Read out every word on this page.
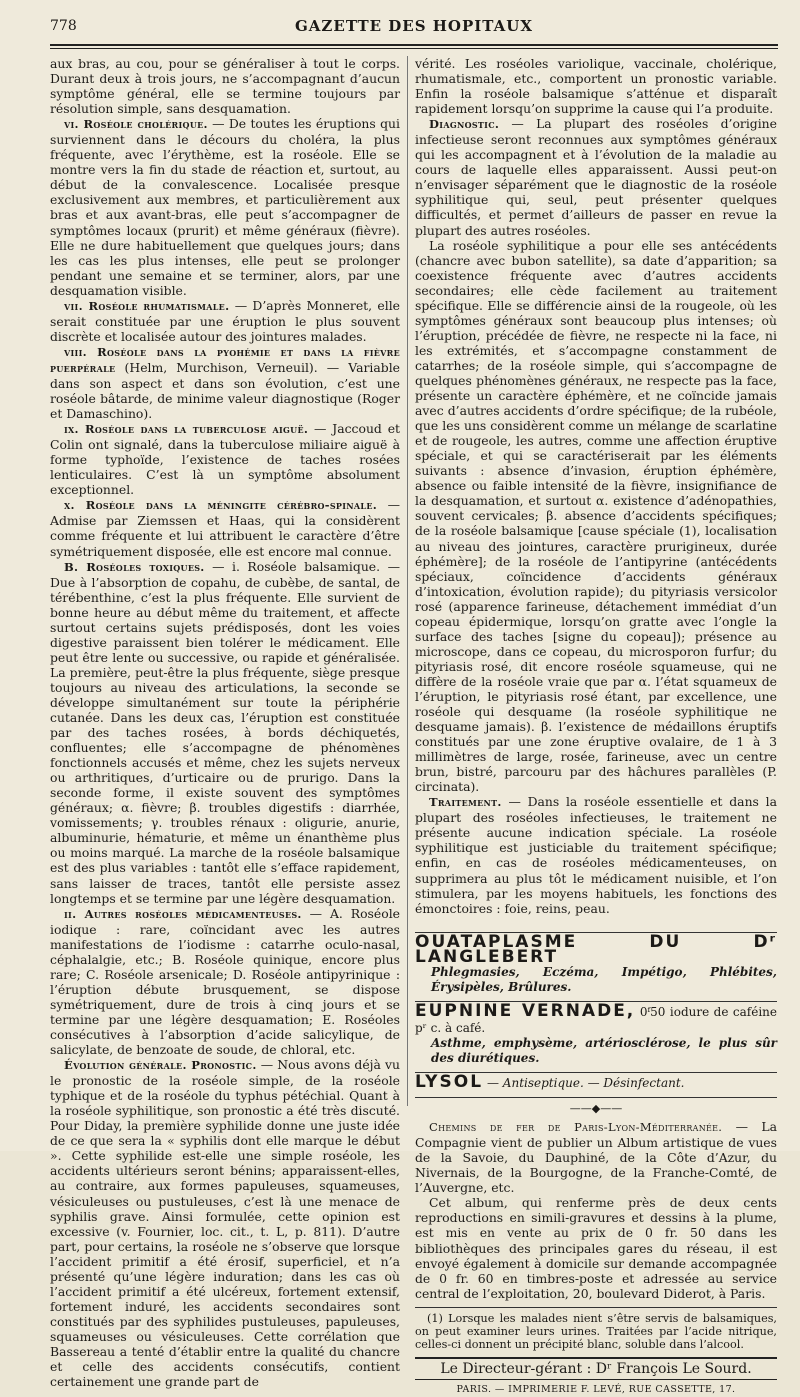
778	GAZETTE DES HOPITAUX

aux bras, au cou, pour se généraliser à tout le corps. Durant deux à trois jours, ne s’accompagnant d’aucun symptôme général, elle se termine toujours par résolution simple, sans desquamation.

vi. Roséole cholérique. — De toutes les éruptions qui surviennent dans le décours du choléra, la plus fréquente, avec l’érythème, est la roséole. Elle se montre vers la fin du stade de réaction et, surtout, au début de la convalescence. Localisée presque exclusivement aux membres, et particulièrement aux bras et aux avant-bras, elle peut s’accompagner de symptômes locaux (prurit) et même généraux (fièvre). Elle ne dure habituellement que quelques jours; dans les cas les plus intenses, elle peut se prolonger pendant une semaine et se terminer, alors, par une desquamation visible.

vii. Roséole rhumatismale. — D’après Monneret, elle serait constituée par une éruption le plus souvent discrète et localisée autour des jointures malades.

viii. Roséole dans la pyohémie et dans la fièvre puerpérale (Helm, Murchison, Verneuil). — Variable dans son aspect et dans son évolution, c’est une roséole bâtarde, de minime valeur diagnostique (Roger et Damaschino).

ix. Roséole dans la tuberculose aiguë. — Jaccoud et Colin ont signalé, dans la tuberculose miliaire aiguë à forme typhoïde, l’existence de taches rosées lenticulaires. C’est là un symptôme absolument exceptionnel.

x. Roséole dans la méningite cérébro-spinale. — Admise par Ziemssen et Haas, qui la considèrent comme fréquente et lui attribuent le caractère d’être symétriquement disposée, elle est encore mal connue.

B. Roséoles toxiques. — i. Roséole balsamique. — Due à l’absorption de copahu, de cubèbe, de santal, de térébenthine, c’est la plus fréquente. Elle survient de bonne heure au début même du traitement, et affecte surtout certains sujets prédisposés, dont les voies digestive paraissent bien tolérer le médicament. Elle peut être lente ou successive, ou rapide et généralisée. La première, peut-être la plus fréquente, siège presque toujours au niveau des articulations, la seconde se développe simultanément sur toute la périphérie cutanée. Dans les deux cas, l’éruption est constituée par des taches rosées, à bords déchiquetés, confluentes; elle s’accompagne de phénomènes fonctionnels accusés et même, chez les sujets nerveux ou arthritiques, d’urticaire ou de prurigo. Dans la seconde forme, il existe souvent des symptômes généraux; α. fièvre; β. troubles digestifs : diarrhée, vomissements; γ. troubles rénaux : oligurie, anurie, albuminurie, hématurie, et même un énanthème plus ou moins marqué. La marche de la roséole balsamique est des plus variables : tantôt elle s’efface rapidement, sans laisser de traces, tantôt elle persiste assez longtemps et se termine par une légère desquamation.

ii. Autres roséoles médicamenteuses. — A. Roséole iodique : rare, coïncidant avec les autres manifestations de l’iodisme : catarrhe oculo-nasal, céphalalgie, etc.; B. Roséole quinique, encore plus rare; C. Roséole arsenicale; D. Roséole antipyrinique : l’éruption débute brusquement, se dispose symétriquement, dure de trois à cinq jours et se termine par une légère desquamation; E. Roséoles consécutives à l’absorption d’acide salicylique, de salicylate, de benzoate de soude, de chloral, etc.

Évolution générale. Pronostic. — Nous avons déjà vu le pronostic de la roséole simple, de la roséole typhique et de la roséole du typhus pétéchial. Quant à la roséole syphilitique, son pronostic a été très discuté. Pour Diday, la première syphilide donne une juste idée de ce que sera la « syphilis dont elle marque le début ». Cette syphilide est-elle une simple roséole, les accidents ultérieurs seront bénins; apparaissent-elles, au contraire, aux formes papuleuses, squameuses, vésiculeuses ou pustuleuses, c’est là une menace de syphilis grave. Ainsi formulée, cette opinion est excessive (v. Fournier, loc. cit., t. L, p. 811). D’autre part, pour certains, la roséole ne s’observe que lorsque l’accident primitif a été érosif, superficiel, et n’a présenté qu’une légère induration; dans les cas où l’accident primitif a été ulcéreux, fortement extensif, fortement induré, les accidents secondaires sont constitués par des syphilides pustuleuses, papuleuses, squameuses ou vésiculeuses. Cette corrélation que Bassereau a tenté d’établir entre la qualité du chancre et celle des accidents consécutifs, contient certainement une grande part de

vérité. Les roséoles variolique, vaccinale, cholérique, rhumatismale, etc., comportent un pronostic variable. Enfin la roséole balsamique s’atténue et disparaît rapidement lorsqu’on supprime la cause qui l’a produite.

Diagnostic. — La plupart des roséoles d’origine infectieuse seront reconnues aux symptômes généraux qui les accompagnent et à l’évolution de la maladie au cours de laquelle elles apparaissent. Aussi peut-on n’envisager séparément que le diagnostic de la roséole syphilitique qui, seul, peut présenter quelques difficultés, et permet d’ailleurs de passer en revue la plupart des autres roséoles.

La roséole syphilitique a pour elle ses antécédents (chancre avec bubon satellite), sa date d’apparition; sa coexistence fréquente avec d’autres accidents secondaires; elle cède facilement au traitement spécifique. Elle se différencie ainsi de la rougeole, où les symptômes généraux sont beaucoup plus intenses; où l’éruption, précédée de fièvre, ne respecte ni la face, ni les extrémités, et s’accompagne constamment de catarrhes; de la roséole simple, qui s’accompagne de quelques phénomènes généraux, ne respecte pas la face, présente un caractère éphémère, et ne coïncide jamais avec d’autres accidents d’ordre spécifique; de la rubéole, que les uns considèrent comme un mélange de scarlatine et de rougeole, les autres, comme une affection éruptive spéciale, et qui se caractériserait par les éléments suivants : absence d’invasion, éruption éphémère, absence ou faible intensité de la fièvre, insignifiance de la desquamation, et surtout α. existence d’adénopathies, souvent cervicales; β. absence d’accidents spécifiques; de la roséole balsamique [cause spéciale (1), localisation au niveau des jointures, caractère prurigineux, durée éphémère]; de la roséole de l’antipyrine (antécédents spéciaux, coïncidence d’accidents généraux d’intoxication, évolution rapide); du pityriasis versicolor rosé (apparence farineuse, détachement immédiat d’un copeau épidermique, lorsqu’on gratte avec l’ongle la surface des taches [signe du copeau]); présence au microscope, dans ce copeau, du microsporon furfur; du pityriasis rosé, dit encore roséole squameuse, qui ne diffère de la roséole vraie que par α. l’état squameux de l’éruption, le pityriasis rosé étant, par excellence, une roséole qui desquame (la roséole syphilitique ne desquame jamais). β. l’existence de médaillons éruptifs constitués par une zone éruptive ovalaire, de 1 à 3 millimètres de large, rosée, farineuse, avec un centre brun, bistré, parcouru par des hâchures parallèles (P. circinata).

Traitement. — Dans la roséole essentielle et dans la plupart des roséoles infectieuses, le traitement ne présente aucune indication spéciale. La roséole syphilitique est justiciable du traitement spécifique; enfin, en cas de roséoles médicamenteuses, on supprimera au plus tôt le médicament nuisible, et l’on stimulera, par les moyens habituels, les fonctions des émonctoires : foie, reins, peau.

OUATAPLASME DU Dʳ LANGLEBERT
Phlegmasies, Eczéma, Impétigo, Phlébites, Érysipèles, Brûlures.
EUPNINE VERNADE, 0ᶠ50 iodure de caféine pʳ c. à café.
Asthme, emphysème, artériosclérose, le plus sûr des diurétiques.
LYSOL — Antiseptique. — Désinfectant.
——◆——

Chemins de fer de Paris-Lyon-Méditerranée. — La Compagnie vient de publier un Album artistique de vues de la Savoie, du Dauphiné, de la Côte d’Azur, du Nivernais, de la Bourgogne, de la Franche-Comté, de l’Auvergne, etc.

Cet album, qui renferme près de deux cents reproductions en simili-gravures et dessins à la plume, est mis en vente au prix de 0 fr. 50 dans les bibliothèques des principales gares du réseau, il est envoyé également à domicile sur demande accompagnée de 0 fr. 60 en timbres-poste et adressée au service central de l’exploitation, 20, boulevard Diderot, à Paris.

(1) Lorsque les malades nient s’être servis de balsamiques, on peut examiner leurs urines. Traitées par l’acide nitrique, celles-ci donnent un précipité blanc, soluble dans l’alcool.

Le Directeur-gérant : Dʳ François Le Sourd.
PARIS. — IMPRIMERIE F. LEVÉ, RUE CASSETTE, 17.
